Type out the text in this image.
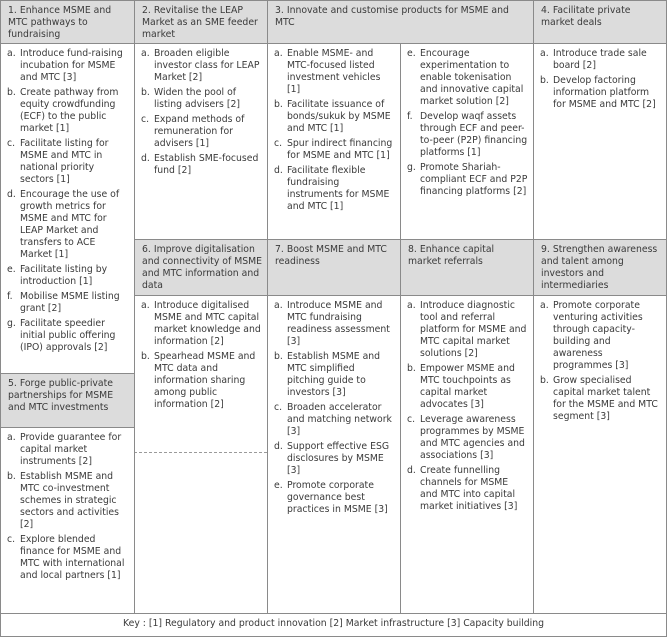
1. Enhance MSME and MTC pathways to fundraising
2. Revitalise the LEAP Market as an SME feeder market
3. Innovate and customise products for MSME and MTC
4. Facilitate private market deals
5. Forge public-private partnerships for MSME and MTC investments
6. Improve digitalisation and connectivity of MSME and MTC information and data
7. Boost MSME and MTC readiness
8. Enhance capital market referrals
9. Strengthen awareness and talent among investors and intermediaries
a. Introduce fund-raising incubation for MSME and MTC [3]
b. Create pathway from equity crowdfunding (ECF) to the public market [1]
c. Facilitate listing for MSME and MTC in national priority sectors [1]
d. Encourage the use of growth metrics for MSME and MTC for LEAP Market and transfers to ACE Market [1]
e. Facilitate listing by introduction [1]
f. Mobilise MSME listing grant [2]
g. Facilitate speedier initial public offering (IPO) approvals [2]
a. Broaden eligible investor class for LEAP Market [2]
b. Widen the pool of listing advisers [2]
c. Expand methods of remuneration for advisers [1]
d. Establish SME-focused fund [2]
a. Enable MSME- and MTC-focused listed investment vehicles [1]
b. Facilitate issuance of bonds/sukuk by MSME and MTC [1]
c. Spur indirect financing for MSME and MTC [1]
d. Facilitate flexible fundraising instruments for MSME and MTC [1]
e. Encourage experimentation to enable tokenisation and innovative capital market solution [2]
f. Develop waqf assets through ECF and peer-to-peer (P2P) financing platforms [1]
g. Promote Shariah-compliant ECF and P2P financing platforms [2]
a. Introduce trade sale board [2]
b. Develop factoring information platform for MSME and MTC [2]
a. Provide guarantee for capital market instruments [2]
b. Establish MSME and MTC co-investment schemes in strategic sectors and activities [2]
c. Explore blended finance for MSME and MTC with international and local partners [1]
a. Introduce digitalised MSME and MTC capital market knowledge and information [2]
b. Spearhead MSME and MTC data and information sharing among public information [2]
a. Introduce MSME and MTC fundraising readiness assessment [3]
b. Establish MSME and MTC simplified pitching guide to investors [3]
c. Broaden accelerator and matching network [3]
d. Support effective ESG disclosures by MSME [3]
e. Promote corporate governance best practices in MSME [3]
a. Introduce diagnostic tool and referral platform for MSME and MTC capital market solutions [2]
b. Empower MSME and MTC touchpoints as capital market advocates [3]
c. Leverage awareness programmes by MSME and MTC agencies and associations [3]
d. Create funnelling channels for MSME and MTC into capital market initiatives [3]
a. Promote corporate venturing activities through capacity-building and awareness programmes [3]
b. Grow specialised capital market talent for the MSME and MTC segment [3]
Key : [1] Regulatory and product innovation [2] Market infrastructure [3] Capacity building
